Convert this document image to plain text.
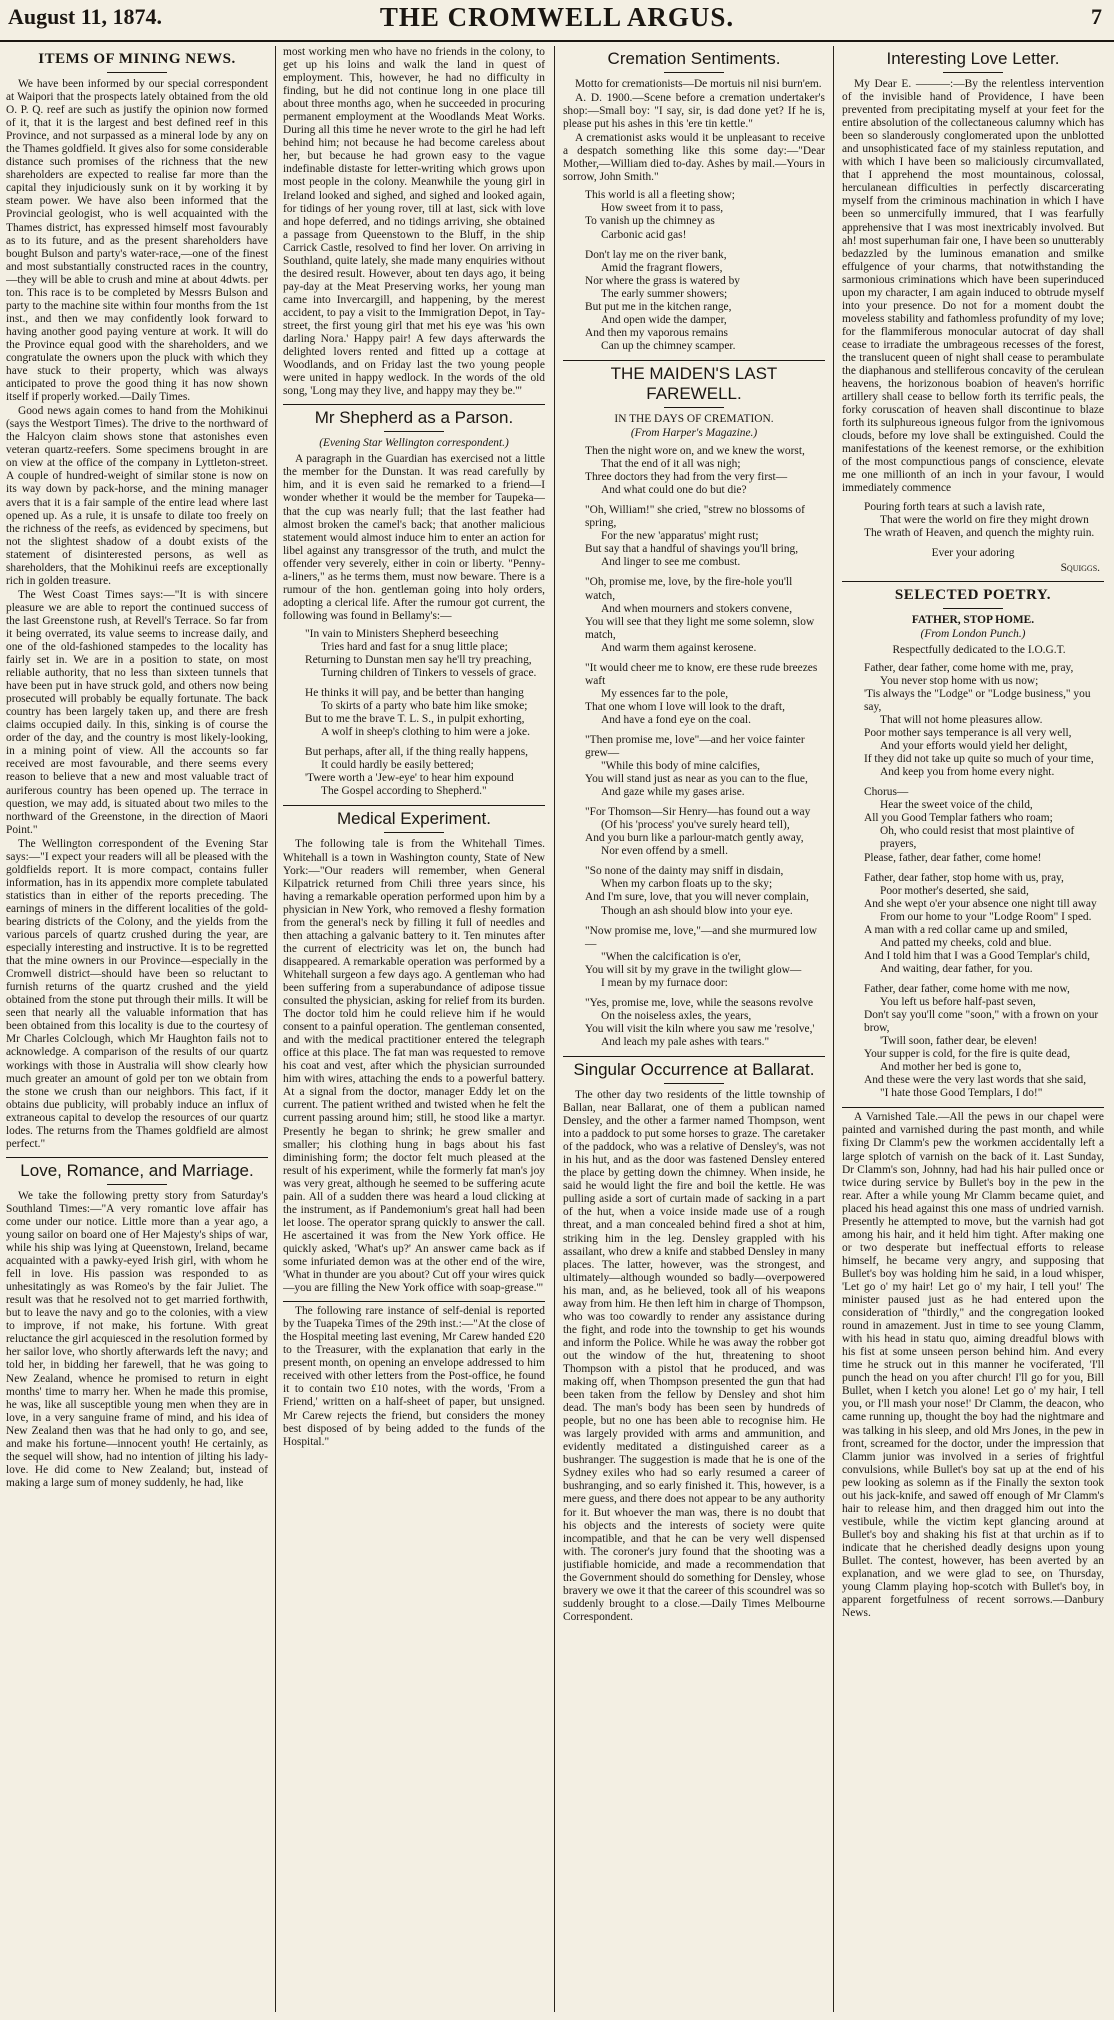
August 11, 1874.	THE CROMWELL ARGUS.	7
ITEMS OF MINING NEWS.

We have been informed by our special correspondent at Waipori that the prospects lately obtained from the old O. P. Q. reef are such as justify the opinion now formed of it, that it is the largest and best defined reef in this Province, and not surpassed as a mineral lode by any on the Thames goldfield. It gives also for some considerable distance such promises of the richness that the new shareholders are expected to realise far more than the capital they injudiciously sunk on it by working it by steam power. We have also been informed that the Provincial geologist, who is well acquainted with the Thames district, has expressed himself most favourably as to its future, and as the present shareholders have bought Bulson and party's water-race,—one of the finest and most substantially constructed races in the country,—they will be able to crush and mine at about 4dwts. per ton. This race is to be completed by Messrs Bulson and party to the machine site within four months from the 1st inst., and then we may confidently look forward to having another good paying venture at work. It will do the Province equal good with the shareholders, and we congratulate the owners upon the pluck with which they have stuck to their property, which was always anticipated to prove the good thing it has now shown itself if properly worked.—Daily Times.

Good news again comes to hand from the Mohikinui (says the Westport Times). The drive to the northward of the Halcyon claim shows stone that astonishes even veteran quartz-reefers. Some specimens brought in are on view at the office of the company in Lyttleton-street. A couple of hundred-weight of similar stone is now on its way down by pack-horse, and the mining manager avers that it is a fair sample of the entire lead where last opened up. As a rule, it is unsafe to dilate too freely on the richness of the reefs, as evidenced by specimens, but not the slightest shadow of a doubt exists of the statement of disinterested persons, as well as shareholders, that the Mohikinui reefs are exceptionally rich in golden treasure.

The West Coast Times says:—"It is with sincere pleasure we are able to report the continued success of the last Greenstone rush, at Revell's Terrace. So far from it being overrated, its value seems to increase daily, and one of the old-fashioned stampedes to the locality has fairly set in. We are in a position to state, on most reliable authority, that no less than sixteen tunnels that have been put in have struck gold, and others now being prosecuted will probably be equally fortunate. The back country has been largely taken up, and there are fresh claims occupied daily. In this, sinking is of course the order of the day, and the country is most likely-looking, in a mining point of view. All the accounts so far received are most favourable, and there seems every reason to believe that a new and most valuable tract of auriferous country has been opened up. The terrace in question, we may add, is situated about two miles to the northward of the Greenstone, in the direction of Maori Point."

The Wellington correspondent of the Evening Star says:—"I expect your readers will all be pleased with the goldfields report. It is more compact, contains fuller information, has in its appendix more complete tabulated statistics than in either of the reports preceding. The earnings of miners in the different localities of the gold-bearing districts of the Colony, and the yields from the various parcels of quartz crushed during the year, are especially interesting and instructive. It is to be regretted that the mine owners in our Province—especially in the Cromwell district—should have been so reluctant to furnish returns of the quartz crushed and the yield obtained from the stone put through their mills. It will be seen that nearly all the valuable information that has been obtained from this locality is due to the courtesy of Mr Charles Colclough, which Mr Haughton fails not to acknowledge. A comparison of the results of our quartz workings with those in Australia will show clearly how much greater an amount of gold per ton we obtain from the stone we crush than our neighbors. This fact, if it obtains due publicity, will probably induce an influx of extraneous capital to develop the resources of our quartz lodes. The returns from the Thames goldfield are almost perfect."

Love, Romance, and Marriage.

We take the following pretty story from Saturday's Southland Times:—"A very romantic love affair has come under our notice. Little more than a year ago, a young sailor on board one of Her Majesty's ships of war, while his ship was lying at Queenstown, Ireland, became acquainted with a pawky-eyed Irish girl, with whom he fell in love. His passion was responded to as unhesitatingly as was Romeo's by the fair Juliet. The result was that he resolved not to get married forthwith, but to leave the navy and go to the colonies, with a view to improve, if not make, his fortune. With great reluctance the girl acquiesced in the resolution formed by her sailor love, who shortly afterwards left the navy; and told her, in bidding her farewell, that he was going to New Zealand, whence he promised to return in eight months' time to marry her. When he made this promise, he was, like all susceptible young men when they are in love, in a very sanguine frame of mind, and his idea of New Zealand then was that he had only to go, and see, and make his fortune—innocent youth! He certainly, as the sequel will show, had no intention of jilting his lady-love. He did come to New Zealand; but, instead of making a large sum of money suddenly, he had, like

most working men who have no friends in the colony, to get up his loins and walk the land in quest of employment. This, however, he had no difficulty in finding, but he did not continue long in one place till about three months ago, when he succeeded in procuring permanent employment at the Woodlands Meat Works. During all this time he never wrote to the girl he had left behind him; not because he had become careless about her, but because he had grown easy to the vague indefinable distaste for letter-writing which grows upon most people in the colony. Meanwhile the young girl in Ireland looked and sighed, and sighed and looked again, for tidings of her young rover, till at last, sick with love and hope deferred, and no tidings arriving, she obtained a passage from Queenstown to the Bluff, in the ship Carrick Castle, resolved to find her lover. On arriving in Southland, quite lately, she made many enquiries without the desired result. However, about ten days ago, it being pay-day at the Meat Preserving works, her young man came into Invercargill, and happening, by the merest accident, to pay a visit to the Immigration Depot, in Tay-street, the first young girl that met his eye was 'his own darling Nora.' Happy pair! A few days afterwards the delighted lovers rented and fitted up a cottage at Woodlands, and on Friday last the two young people were united in happy wedlock. In the words of the old song, 'Long may they live, and happy may they be.'"

Mr Shepherd as a Parson.

(Evening Star Wellington correspondent.)

A paragraph in the Guardian has exercised not a little the member for the Dunstan. It was read carefully by him, and it is even said he remarked to a friend—I wonder whether it would be the member for Taupeka—that the cup was nearly full; that the last feather had almost broken the camel's back; that another malicious statement would almost induce him to enter an action for libel against any transgressor of the truth, and mulct the offender very severely, either in coin or liberty. "Penny-a-liners," as he terms them, must now beware. There is a rumour of the hon. gentleman going into holy orders, adopting a clerical life. After the rumour got current, the following was found in Bellamy's:—

"In vain to Ministers Shepherd beseeching
Tries hard and fast for a snug little place;
Returning to Dunstan men say he'll try preaching,
Turning children of Tinkers to vessels of grace.
He thinks it will pay, and be better than hanging
To skirts of a party who bate him like smoke;
But to me the brave T. L. S., in pulpit exhorting,
A wolf in sheep's clothing to him were a joke.
But perhaps, after all, if the thing really happens,
It could hardly be easily bettered;
'Twere worth a 'Jew-eye' to hear him expound
The Gospel according to Shepherd."
Medical Experiment.

The following tale is from the Whitehall Times. Whitehall is a town in Washington county, State of New York:—"Our readers will remember, when General Kilpatrick returned from Chili three years since, his having a remarkable operation performed upon him by a physician in New York, who removed a fleshy formation from the general's neck by filling it full of needles and then attaching a galvanic battery to it. Ten minutes after the current of electricity was let on, the bunch had disappeared. A remarkable operation was performed by a Whitehall surgeon a few days ago. A gentleman who had been suffering from a superabundance of adipose tissue consulted the physician, asking for relief from its burden. The doctor told him he could relieve him if he would consent to a painful operation. The gentleman consented, and with the medical practitioner entered the telegraph office at this place. The fat man was requested to remove his coat and vest, after which the physician surrounded him with wires, attaching the ends to a powerful battery. At a signal from the doctor, manager Eddy let on the current. The patient writhed and twisted when he felt the current passing around him; still, he stood like a martyr. Presently he began to shrink; he grew smaller and smaller; his clothing hung in bags about his fast diminishing form; the doctor felt much pleased at the result of his experiment, while the formerly fat man's joy was very great, although he seemed to be suffering acute pain. All of a sudden there was heard a loud clicking at the instrument, as if Pandemonium's great hall had been let loose. The operator sprang quickly to answer the call. He ascertained it was from the New York office. He quickly asked, 'What's up?' An answer came back as if some infuriated demon was at the other end of the wire, 'What in thunder are you about? Cut off your wires quick—you are filling the New York office with soap-grease.'"

The following rare instance of self-denial is reported by the Tuapeka Times of the 29th inst.:—"At the close of the Hospital meeting last evening, Mr Carew handed £20 to the Treasurer, with the explanation that early in the present month, on opening an envelope addressed to him received with other letters from the Post-office, he found it to contain two £10 notes, with the words, 'From a Friend,' written on a half-sheet of paper, but unsigned. Mr Carew rejects the friend, but considers the money best disposed of by being added to the funds of the Hospital."

Cremation Sentiments.

Motto for cremationists—De mortuis nil nisi burn'em.

A. D. 1900.—Scene before a cremation undertaker's shop:—Small boy: "I say, sir, is dad done yet? If he is, please put his ashes in this 'ere tin kettle."

A cremationist asks would it be unpleasant to receive a despatch something like this some day:—"Dear Mother,—William died to-day. Ashes by mail.—Yours in sorrow, John Smith."

This world is all a fleeting show;
How sweet from it to pass,
To vanish up the chimney as
Carbonic acid gas!
Don't lay me on the river bank,
Amid the fragrant flowers,
Nor where the grass is watered by
The early summer showers;
But put me in the kitchen range,
And open wide the damper,
And then my vaporous remains
Can up the chimney scamper.
THE MAIDEN'S LAST FAREWELL.

IN THE DAYS OF CREMATION.

(From Harper's Magazine.)

Then the night wore on, and we knew the worst,
That the end of it all was nigh;
Three doctors they had from the very first—
And what could one do but die?
"Oh, William!" she cried, "strew no blossoms of spring,
For the new 'apparatus' might rust;
But say that a handful of shavings you'll bring,
And linger to see me combust.
"Oh, promise me, love, by the fire-hole you'll watch,
And when mourners and stokers convene,
You will see that they light me some solemn, slow match,
And warm them against kerosene.
"It would cheer me to know, ere these rude breezes waft
My essences far to the pole,
That one whom I love will look to the draft,
And have a fond eye on the coal.
"Then promise me, love"—and her voice fainter grew—
"While this body of mine calcifies,
You will stand just as near as you can to the flue,
And gaze while my gases arise.
"For Thomson—Sir Henry—has found out a way
(Of his 'process' you've surely heard tell),
And you burn like a parlour-match gently away,
Nor even offend by a smell.
"So none of the dainty may sniff in disdain,
When my carbon floats up to the sky;
And I'm sure, love, that you will never complain,
Though an ash should blow into your eye.
"Now promise me, love,"—and she murmured low—
"When the calcification is o'er,
You will sit by my grave in the twilight glow—
I mean by my furnace door:
"Yes, promise me, love, while the seasons revolve
On the noiseless axles, the years,
You will visit the kiln where you saw me 'resolve,'
And leach my pale ashes with tears."
Singular Occurrence at Ballarat.

The other day two residents of the little township of Ballan, near Ballarat, one of them a publican named Densley, and the other a farmer named Thompson, went into a paddock to put some horses to graze. The caretaker of the paddock, who was a relative of Densley's, was not in his hut, and as the door was fastened Densley entered the place by getting down the chimney. When inside, he said he would light the fire and boil the kettle. He was pulling aside a sort of curtain made of sacking in a part of the hut, when a voice inside made use of a rough threat, and a man concealed behind fired a shot at him, striking him in the leg. Densley grappled with his assailant, who drew a knife and stabbed Densley in many places. The latter, however, was the strongest, and ultimately—although wounded so badly—overpowered his man, and, as he believed, took all of his weapons away from him. He then left him in charge of Thompson, who was too cowardly to render any assistance during the fight, and rode into the township to get his wounds and inform the Police. While he was away the robber got out the window of the hut, threatening to shoot Thompson with a pistol that he produced, and was making off, when Thompson presented the gun that had been taken from the fellow by Densley and shot him dead. The man's body has been seen by hundreds of people, but no one has been able to recognise him. He was largely provided with arms and ammunition, and evidently meditated a distinguished career as a bushranger. The suggestion is made that he is one of the Sydney exiles who had so early resumed a career of bushranging, and so early finished it. This, however, is a mere guess, and there does not appear to be any authority for it. But whoever the man was, there is no doubt that his objects and the interests of society were quite incompatible, and that he can be very well dispensed with. The coroner's jury found that the shooting was a justifiable homicide, and made a recommendation that the Government should do something for Densley, whose bravery we owe it that the career of this scoundrel was so suddenly brought to a close.—Daily Times Melbourne Correspondent.

Interesting Love Letter.

My Dear E. ———:—By the relentless intervention of the invisible hand of Providence, I have been prevented from precipitating myself at your feet for the entire absolution of the collectaneous calumny which has been so slanderously conglomerated upon the unblotted and unsophisticated face of my stainless reputation, and with which I have been so maliciously circumvallated, that I apprehend the most mountainous, colossal, herculanean difficulties in perfectly discarcerating myself from the criminous machination in which I have been so unmercifully immured, that I was fearfully apprehensive that I was most inextricably involved. But ah! most superhuman fair one, I have been so unutterably bedazzled by the luminous emanation and smilke effulgence of your charms, that notwithstanding the sarmonious criminations which have been superinduced upon my character, I am again induced to obtrude myself into your presence. Do not for a moment doubt the moveless stability and fathomless profundity of my love; for the flammiferous monocular autocrat of day shall cease to irradiate the umbrageous recesses of the forest, the translucent queen of night shall cease to perambulate the diaphanous and stelliferous concavity of the cerulean heavens, the horizonous boabion of heaven's horrific artillery shall cease to bellow forth its terrific peals, the forky coruscation of heaven shall discontinue to blaze forth its sulphureous igneous fulgor from the ignivomous clouds, before my love shall be extinguished. Could the manifestations of the keenest remorse, or the exhibition of the most compunctious pangs of conscience, elevate me one millionth of an inch in your favour, I would immediately commence

Pouring forth tears at such a lavish rate,
That were the world on fire they might drown
The wrath of Heaven, and quench the mighty ruin.

Ever your adoring

Squiggs.
SELECTED POETRY.

FATHER, STOP HOME.

(From London Punch.)

Respectfully dedicated to the I.O.G.T.

Father, dear father, come home with me, pray,
You never stop home with us now;
'Tis always the "Lodge" or "Lodge business," you say,
That will not home pleasures allow.
Poor mother says temperance is all very well,
And your efforts would yield her delight,
If they did not take up quite so much of your time,
And keep you from home every night.
Chorus—
Hear the sweet voice of the child,
All you Good Templar fathers who roam;
Oh, who could resist that most plaintive of prayers,
Please, father, dear father, come home!
Father, dear father, stop home with us, pray,
Poor mother's deserted, she said,
And she wept o'er your absence one night till away
From our home to your "Lodge Room" I sped.
A man with a red collar came up and smiled,
And patted my cheeks, cold and blue.
And I told him that I was a Good Templar's child,
And waiting, dear father, for you.
Father, dear father, come home with me now,
You left us before half-past seven,
Don't say you'll come "soon," with a frown on your brow,
'Twill soon, father dear, be eleven!
Your supper is cold, for the fire is quite dead,
And mother her bed is gone to,
And these were the very last words that she said,
"I hate those Good Templars, I do!"

A Varnished Tale.—All the pews in our chapel were painted and varnished during the past month, and while fixing Dr Clamm's pew the workmen accidentally left a large splotch of varnish on the back of it. Last Sunday, Dr Clamm's son, Johnny, had had his hair pulled once or twice during service by Bullet's boy in the pew in the rear. After a while young Mr Clamm became quiet, and placed his head against this one mass of undried varnish. Presently he attempted to move, but the varnish had got among his hair, and it held him tight. After making one or two desperate but ineffectual efforts to release himself, he became very angry, and supposing that Bullet's boy was holding him he said, in a loud whisper, 'Let go o' my hair! Let go o' my hair, I tell you!' The minister paused just as he had entered upon the consideration of "thirdly," and the congregation looked round in amazement. Just in time to see young Clamm, with his head in statu quo, aiming dreadful blows with his fist at some unseen person behind him. And every time he struck out in this manner he vociferated, 'I'll punch the head on you after church! I'll go for you, Bill Bullet, when I ketch you alone! Let go o' my hair, I tell you, or I'll mash your nose!' Dr Clamm, the deacon, who came running up, thought the boy had the nightmare and was talking in his sleep, and old Mrs Jones, in the pew in front, screamed for the doctor, under the impression that Clamm junior was involved in a series of frightful convulsions, while Bullet's boy sat up at the end of his pew looking as solemn as if the Finally the sexton took out his jack-knife, and sawed off enough of Mr Clamm's hair to release him, and then dragged him out into the vestibule, while the victim kept glancing around at Bullet's boy and shaking his fist at that urchin as if to indicate that he cherished deadly designs upon young Bullet. The contest, however, has been averted by an explanation, and we were glad to see, on Thursday, young Clamm playing hop-scotch with Bullet's boy, in apparent forgetfulness of recent sorrows.—Danbury News.
